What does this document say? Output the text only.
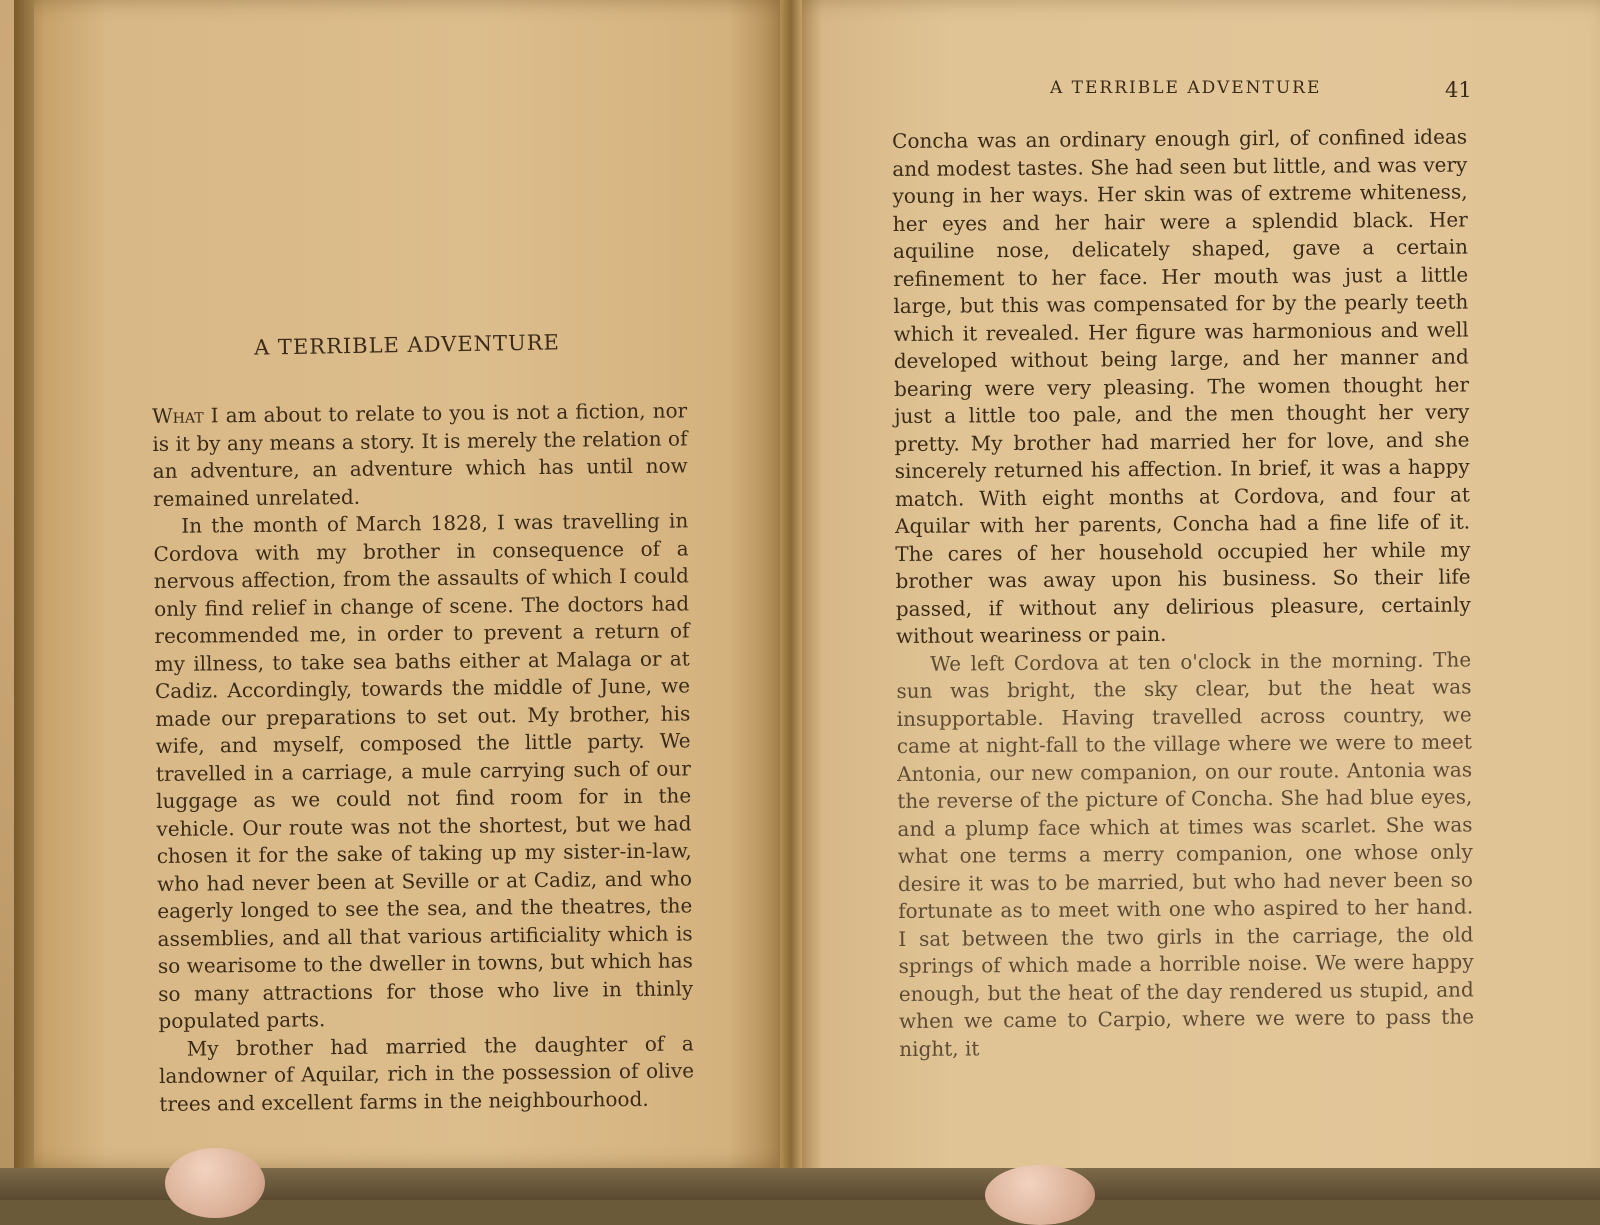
A TERRIBLE ADVENTURE

What I am about to relate to you is not a fiction, nor is it by any means a story. It is merely the relation of an adventure, an adventure which has until now remained unrelated.

In the month of March 1828, I was travelling in Cordova with my brother in consequence of a nervous affection, from the assaults of which I could only find relief in change of scene. The doctors had recommended me, in order to prevent a return of my illness, to take sea baths either at Malaga or at Cadiz. Accordingly, towards the middle of June, we made our preparations to set out. My brother, his wife, and myself, composed the little party. We travelled in a carriage, a mule carrying such of our luggage as we could not find room for in the vehicle. Our route was not the shortest, but we had chosen it for the sake of taking up my sister-in-law, who had never been at Seville or at Cadiz, and who eagerly longed to see the sea, and the theatres, the assemblies, and all that various artificiality which is so wearisome to the dweller in towns, but which has so many attractions for those who live in thinly populated parts.

My brother had married the daughter of a landowner of Aquilar, rich in the possession of olive trees and excellent farms in the neighbourhood.

A TERRIBLE ADVENTURE	41

Concha was an ordinary enough girl, of confined ideas and modest tastes. She had seen but little, and was very young in her ways. Her skin was of extreme whiteness, her eyes and her hair were a splendid black. Her aquiline nose, delicately shaped, gave a certain refinement to her face. Her mouth was just a little large, but this was compensated for by the pearly teeth which it revealed. Her figure was harmonious and well developed without being large, and her manner and bearing were very pleasing. The women thought her just a little too pale, and the men thought her very pretty. My brother had married her for love, and she sincerely returned his affection. In brief, it was a happy match. With eight months at Cordova, and four at Aquilar with her parents, Concha had a fine life of it. The cares of her household occupied her while my brother was away upon his business. So their life passed, if without any delirious pleasure, certainly without weariness or pain.

We left Cordova at ten o'clock in the morning. The sun was bright, the sky clear, but the heat was insupportable. Having travelled across country, we came at night-fall to the village where we were to meet Antonia, our new companion, on our route. Antonia was the reverse of the picture of Concha. She had blue eyes, and a plump face which at times was scarlet. She was what one terms a merry companion, one whose only desire it was to be married, but who had never been so fortunate as to meet with one who aspired to her hand. I sat between the two girls in the carriage, the old springs of which made a horrible noise. We were happy enough, but the heat of the day rendered us stupid, and when we came to Carpio, where we were to pass the night, it
